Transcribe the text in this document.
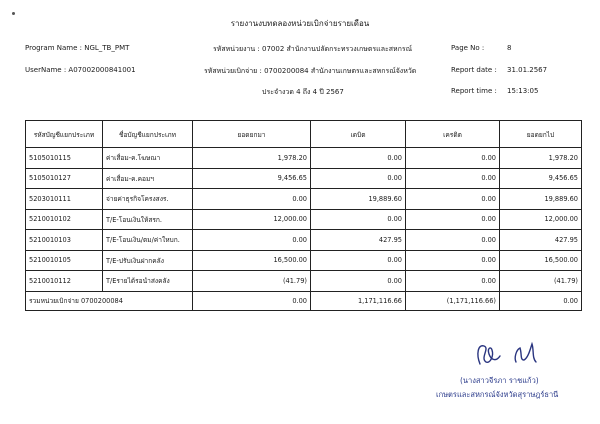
รายงานงบทดลองหน่วยเบิกจ่ายรายเดือน
Program Name : NGL_TB_PMT	รหัสหน่วยงาน : 07002 สำนักงานปลัดกระทรวงเกษตรและสหกรณ์	Page No :	8
UserName : A07002000841001	รหัสหน่วยเบิกจ่าย : 0700200084 สำนักงานเกษตรและสหกรณ์จังหวัด	Report date : 31.01.2567
ประจำงวด 4 ถึง 4 ปี 2567	Report time : 15:13:05
รหัสบัญชีแยกประเภท	ชื่อบัญชีแยกประเภท	ยอดยกมา	เดบิต	เครดิต	ยอดยกไป
5105010115	ค่าเสื่อม-ค.โฆษณา	1,978.20	0.00	0.00	1,978.20
5105010127	ค่าเสื่อม-ค.คอมฯ	9,456.65	0.00	0.00	9,456.65
5203010111	จ่ายค่าธุรกิจโครงสงร.	0.00	19,889.60	0.00	19,889.60
5210010102	T/E-โอนเงินให้สรก.	12,000.00	0.00	0.00	12,000.00
5210010103	T/E-โอนเงิน/ตม/ค่าใหบก.	0.00	427.95	0.00	427.95
5210010105	T/E-ปรับเงินฝากคลัง	16,500.00	0.00	0.00	16,500.00
5210010112	T/Eรายได้รอนำส่งคลัง	(41.79)	0.00	0.00	(41.79)
รวมหน่วยเบิกจ่าย 0700200084		0.00	1,171,116.66	(1,171,116.66)	0.00
(นางสาวจีรภา ราชแก้ว)
เกษตรและสหกรณ์จังหวัดสุราษฎร์ธานี
